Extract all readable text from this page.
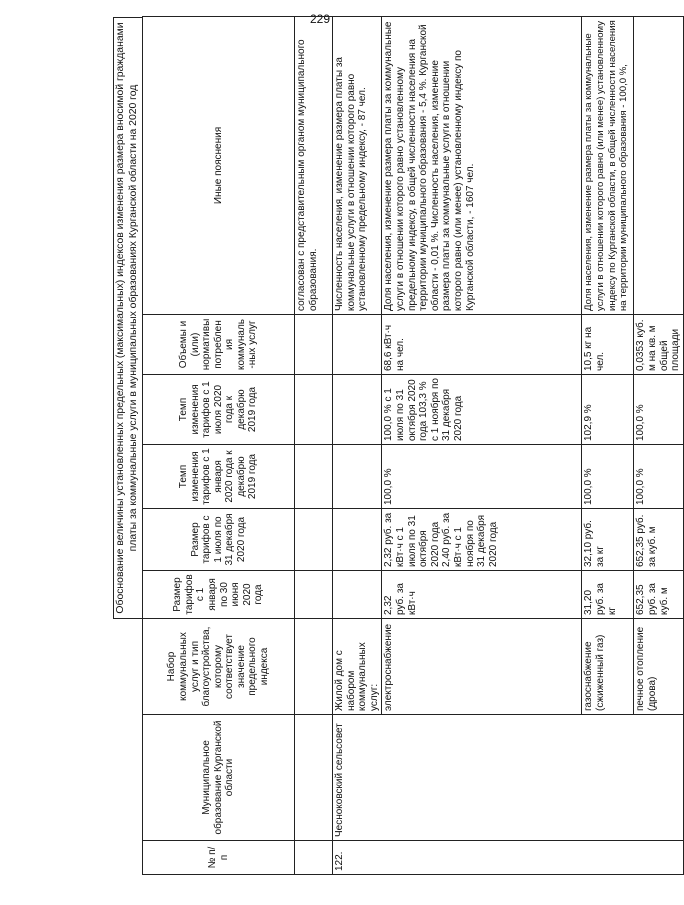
229
Обоснование величины установленных предельных (максимальных) индексов изменения размера вносимой гражданами платы за коммунальные услуги в муниципальных образованиях Курганской области на 2020 год
№ п/п	Муниципальное образование Курганской области	Набор коммунальных услуг и тип благоустройства, которому соответствует значение предельного индекса	Размер тарифов с 1 января по 30 июня 2020 года	Размер тарифов с 1 июля по 31 декабря 2020 года	Темп изменения тарифов с 1 января 2020 года к декабрю 2019 года	Темп изменения тарифов с 1 июля 2020 года к декабрю 2019 года	Объемы и (или) нормативы потребления коммуналь-ных услуг	Иные пояснения
								согласован с представительным органом муниципального образования.
122.	Чесноковский сельсовет	Жилой дом с набором коммунальных услуг:						Численность населения, изменение размера платы за коммунальные услуги в отношении которого равно установленному предельному индексу, - 87 чел.
		электроснабжение	2,32 руб. за кВт·ч	2,32 руб. за кВт·ч с 1 июля по 31 октября 2020 года 2,40 руб. за кВт·ч с 1 ноября по 31 декабря 2020 года	100,0 %	100,0 % с 1 июля по 31 октября 2020 года 103,3 % с 1 ноября по 31 декабря 2020 года	68,6 кВт·ч на чел.	Доля населения, изменение размера платы за коммунальные услуги в отношении которого равно установленному предельному индексу, в общей численности населения на территории муниципального образования - 5,4 %. Курганской области - 0,01 %. Численность населения, изменение размера платы за коммунальные услуги в отношении которого равно (или менее) установленному индексу по Курганской области, - 1607 чел.
		газоснабжение (сжиженный газ)	31,20 руб. за кг	32,10 руб. за кг	100,0 %	102,9 %	10,5 кг на чел.	Доля населения, изменение размера платы за коммунальные услуги в отношении которого равно (или менее) установленному индексу по Курганской области, в общей численности населения на территории муниципального образования - 100,0 %,
		печное отопление (дрова)	652,35 руб. за куб. м	652,35 руб. за куб. м	100,0 %	100,0 %	0,0353 куб. м на кв. м общей площади	
